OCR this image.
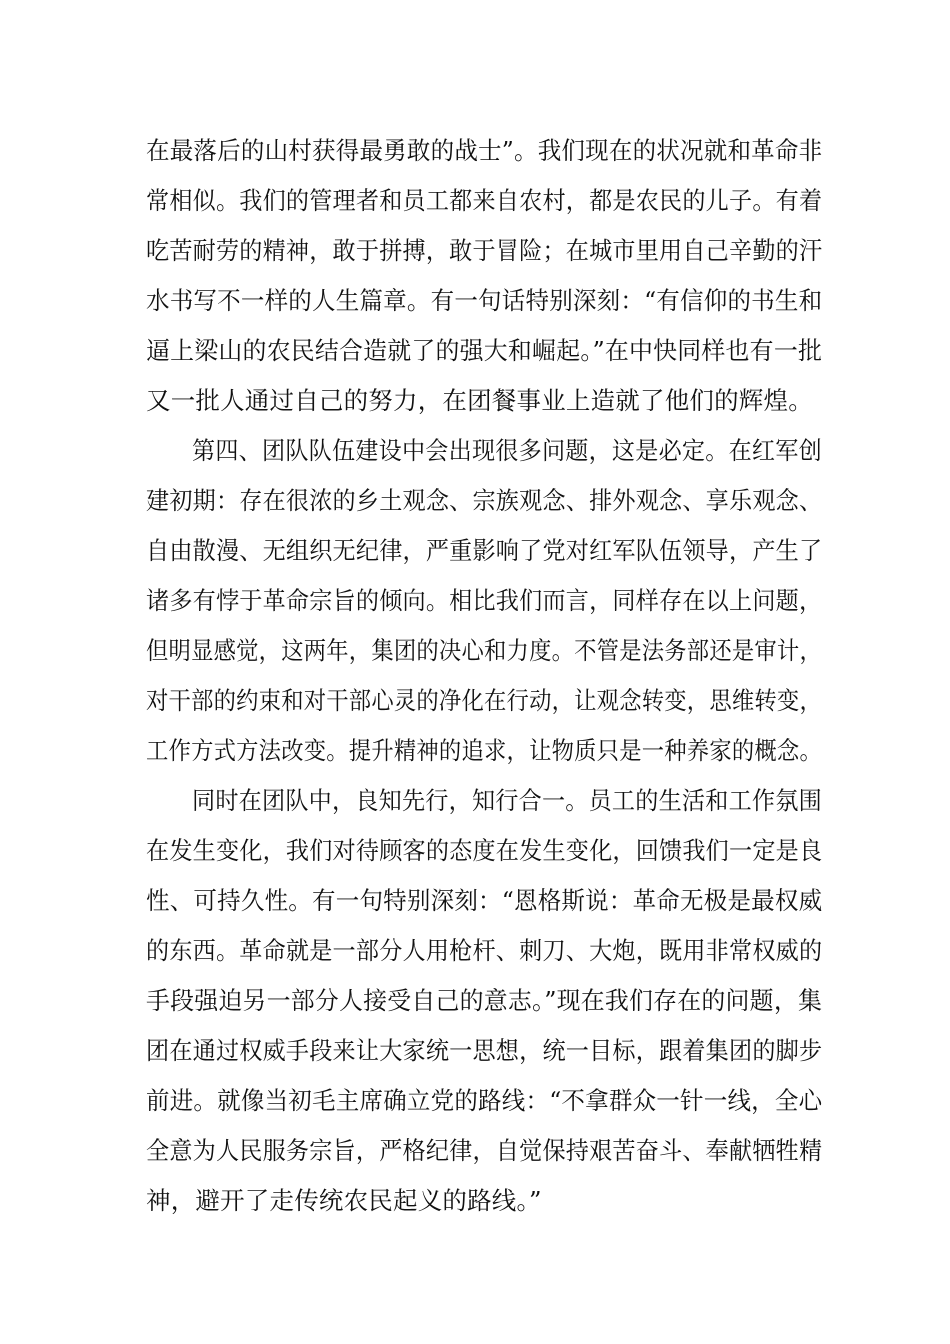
在最落后的山村获得最勇敢的战士”。我们现在的状况就和革命非
常相似。我们的管理者和员工都来自农村，都是农民的儿子。有着
吃苦耐劳的精神，敢于拼搏，敢于冒险；在城市里用自己辛勤的汗
水书写不一样的人生篇章。有一句话特别深刻：“有信仰的书生和
逼上梁山的农民结合造就了的强大和崛起。”在中快同样也有一批
又一批人通过自己的努力，在团餐事业上造就了他们的辉煌。
第四、团队队伍建设中会出现很多问题，这是必定。在红军创
建初期：存在很浓的乡土观念、宗族观念、排外观念、享乐观念、
自由散漫、无组织无纪律，严重影响了党对红军队伍领导，产生了
诸多有悖于革命宗旨的倾向。相比我们而言，同样存在以上问题，
但明显感觉，这两年，集团的决心和力度。不管是法务部还是审计，
对干部的约束和对干部心灵的净化在行动，让观念转变，思维转变，
工作方式方法改变。提升精神的追求，让物质只是一种养家的概念。
同时在团队中，良知先行，知行合一。员工的生活和工作氛围
在发生变化，我们对待顾客的态度在发生变化，回馈我们一定是良
性、可持久性。有一句特别深刻：“恩格斯说：革命无极是最权威
的东西。革命就是一部分人用枪杆、刺刀、大炮，既用非常权威的
手段强迫另一部分人接受自己的意志。”现在我们存在的问题，集
团在通过权威手段来让大家统一思想，统一目标，跟着集团的脚步
前进。就像当初毛主席确立党的路线：“不拿群众一针一线，全心
全意为人民服务宗旨，严格纪律，自觉保持艰苦奋斗、奉献牺牲精
神，避开了走传统农民起义的路线。”
